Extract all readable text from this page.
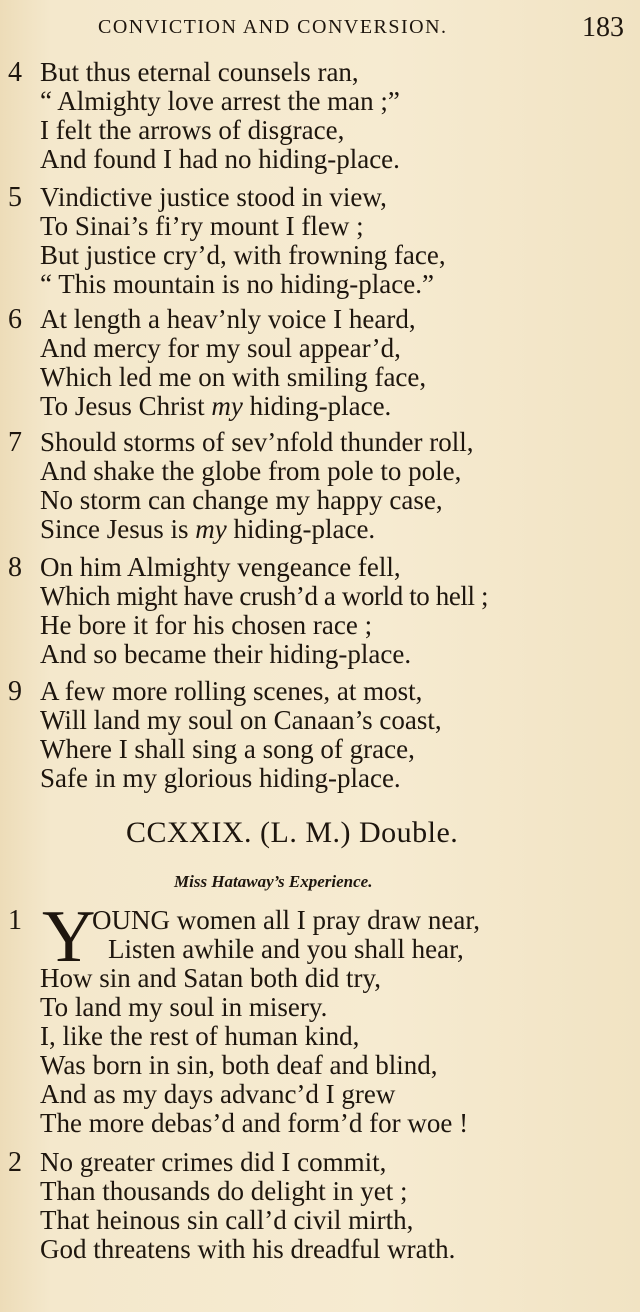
CONVICTION AND CONVERSION.	183
4 But thus eternal counsels ran,
“ Almighty love arrest the man ;”
I felt the arrows of disgrace,
And found I had no hiding-place.
5 Vindictive justice stood in view,
To Sinai’s fi’ry mount I flew ;
But justice cry’d, with frowning face,
“ This mountain is no hiding-place.”
6 At length a heav’nly voice I heard,
And mercy for my soul appear’d,
Which led me on with smiling face,
To Jesus Christ my hiding-place.
7 Should storms of sev’nfold thunder roll,
And shake the globe from pole to pole,
No storm can change my happy case,
Since Jesus is my hiding-place.
8 On him Almighty vengeance fell,
Which might have crush’d a world to hell ;
He bore it for his chosen race ;
And so became their hiding-place.
9 A few more rolling scenes, at most,
Will land my soul on Canaan’s coast,
Where I shall sing a song of grace,
Safe in my glorious hiding-place.
CCXXIX. (L. M.) Double.
Miss Hataway’s Experience.
1 Y
OUNG women all I pray draw near,
Listen awhile and you shall hear,
How sin and Satan both did try,
To land my soul in misery.
I, like the rest of human kind,
Was born in sin, both deaf and blind,
And as my days advanc’d I grew
The more debas’d and form’d for woe !
2 No greater crimes did I commit,
Than thousands do delight in yet ;
That heinous sin call’d civil mirth,
God threatens with his dreadful wrath.
